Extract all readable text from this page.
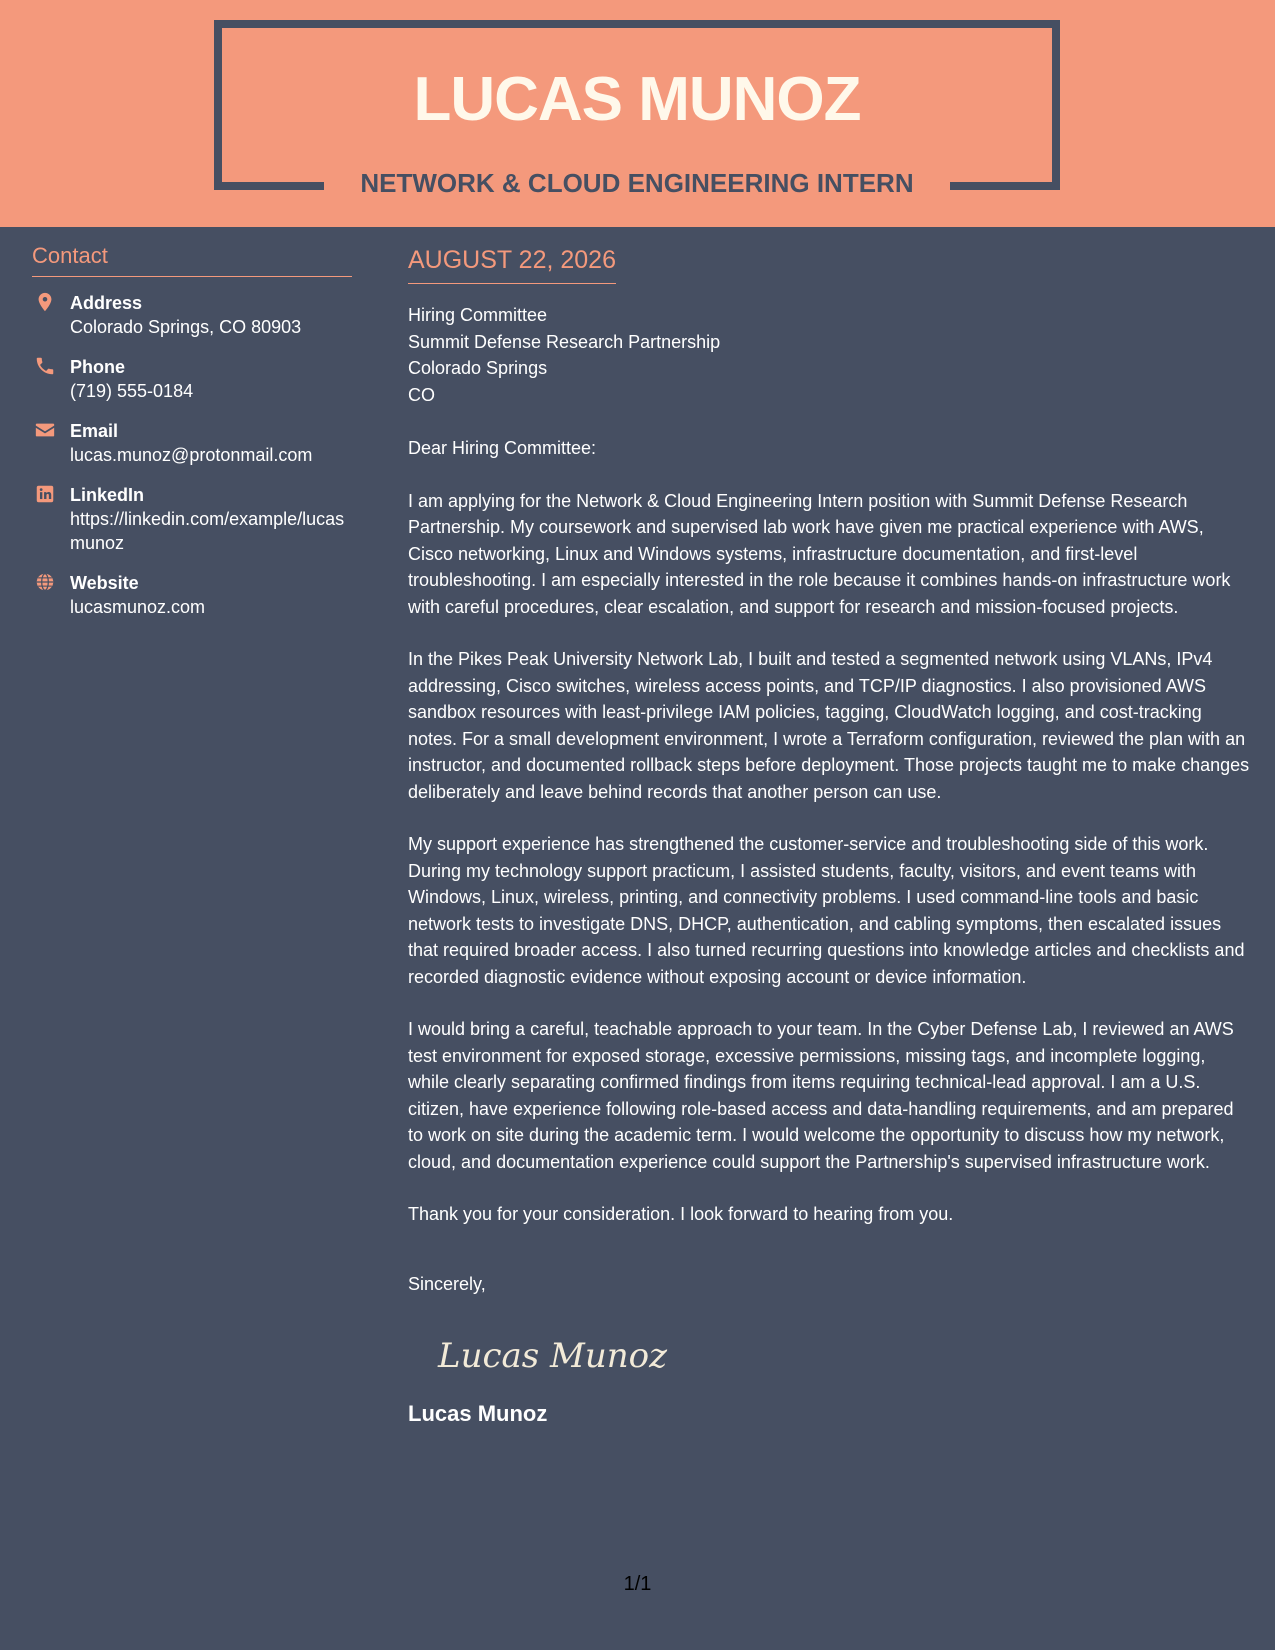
LUCAS MUNOZ
NETWORK & CLOUD ENGINEERING INTERN
Contact
Address
Colorado Springs, CO 80903
Phone
(719) 555-0184
Email
lucas.munoz@protonmail.com
LinkedIn
https://linkedin.com/example/lucasmunoz
Website
lucasmunoz.com
AUGUST 22, 2026
Hiring Committee
Summit Defense Research Partnership
Colorado Springs
CO
Dear Hiring Committee:
I am applying for the Network & Cloud Engineering Intern position with Summit Defense Research Partnership. My coursework and supervised lab work have given me practical experience with AWS, Cisco networking, Linux and Windows systems, infrastructure documentation, and first-level troubleshooting. I am especially interested in the role because it combines hands-on infrastructure work with careful procedures, clear escalation, and support for research and mission-focused projects.
In the Pikes Peak University Network Lab, I built and tested a segmented network using VLANs, IPv4 addressing, Cisco switches, wireless access points, and TCP/IP diagnostics. I also provisioned AWS sandbox resources with least-privilege IAM policies, tagging, CloudWatch logging, and cost-tracking notes. For a small development environment, I wrote a Terraform configuration, reviewed the plan with an instructor, and documented rollback steps before deployment. Those projects taught me to make changes deliberately and leave behind records that another person can use.
My support experience has strengthened the customer-service and troubleshooting side of this work. During my technology support practicum, I assisted students, faculty, visitors, and event teams with Windows, Linux, wireless, printing, and connectivity problems. I used command-line tools and basic network tests to investigate DNS, DHCP, authentication, and cabling symptoms, then escalated issues that required broader access. I also turned recurring questions into knowledge articles and checklists and recorded diagnostic evidence without exposing account or device information.
I would bring a careful, teachable approach to your team. In the Cyber Defense Lab, I reviewed an AWS test environment for exposed storage, excessive permissions, missing tags, and incomplete logging, while clearly separating confirmed findings from items requiring technical-lead approval. I am a U.S. citizen, have experience following role-based access and data-handling requirements, and am prepared to work on site during the academic term. I would welcome the opportunity to discuss how my network, cloud, and documentation experience could support the Partnership's supervised infrastructure work.
Thank you for your consideration. I look forward to hearing from you.
Sincerely,
Lucas Munoz
Lucas Munoz
1/1
